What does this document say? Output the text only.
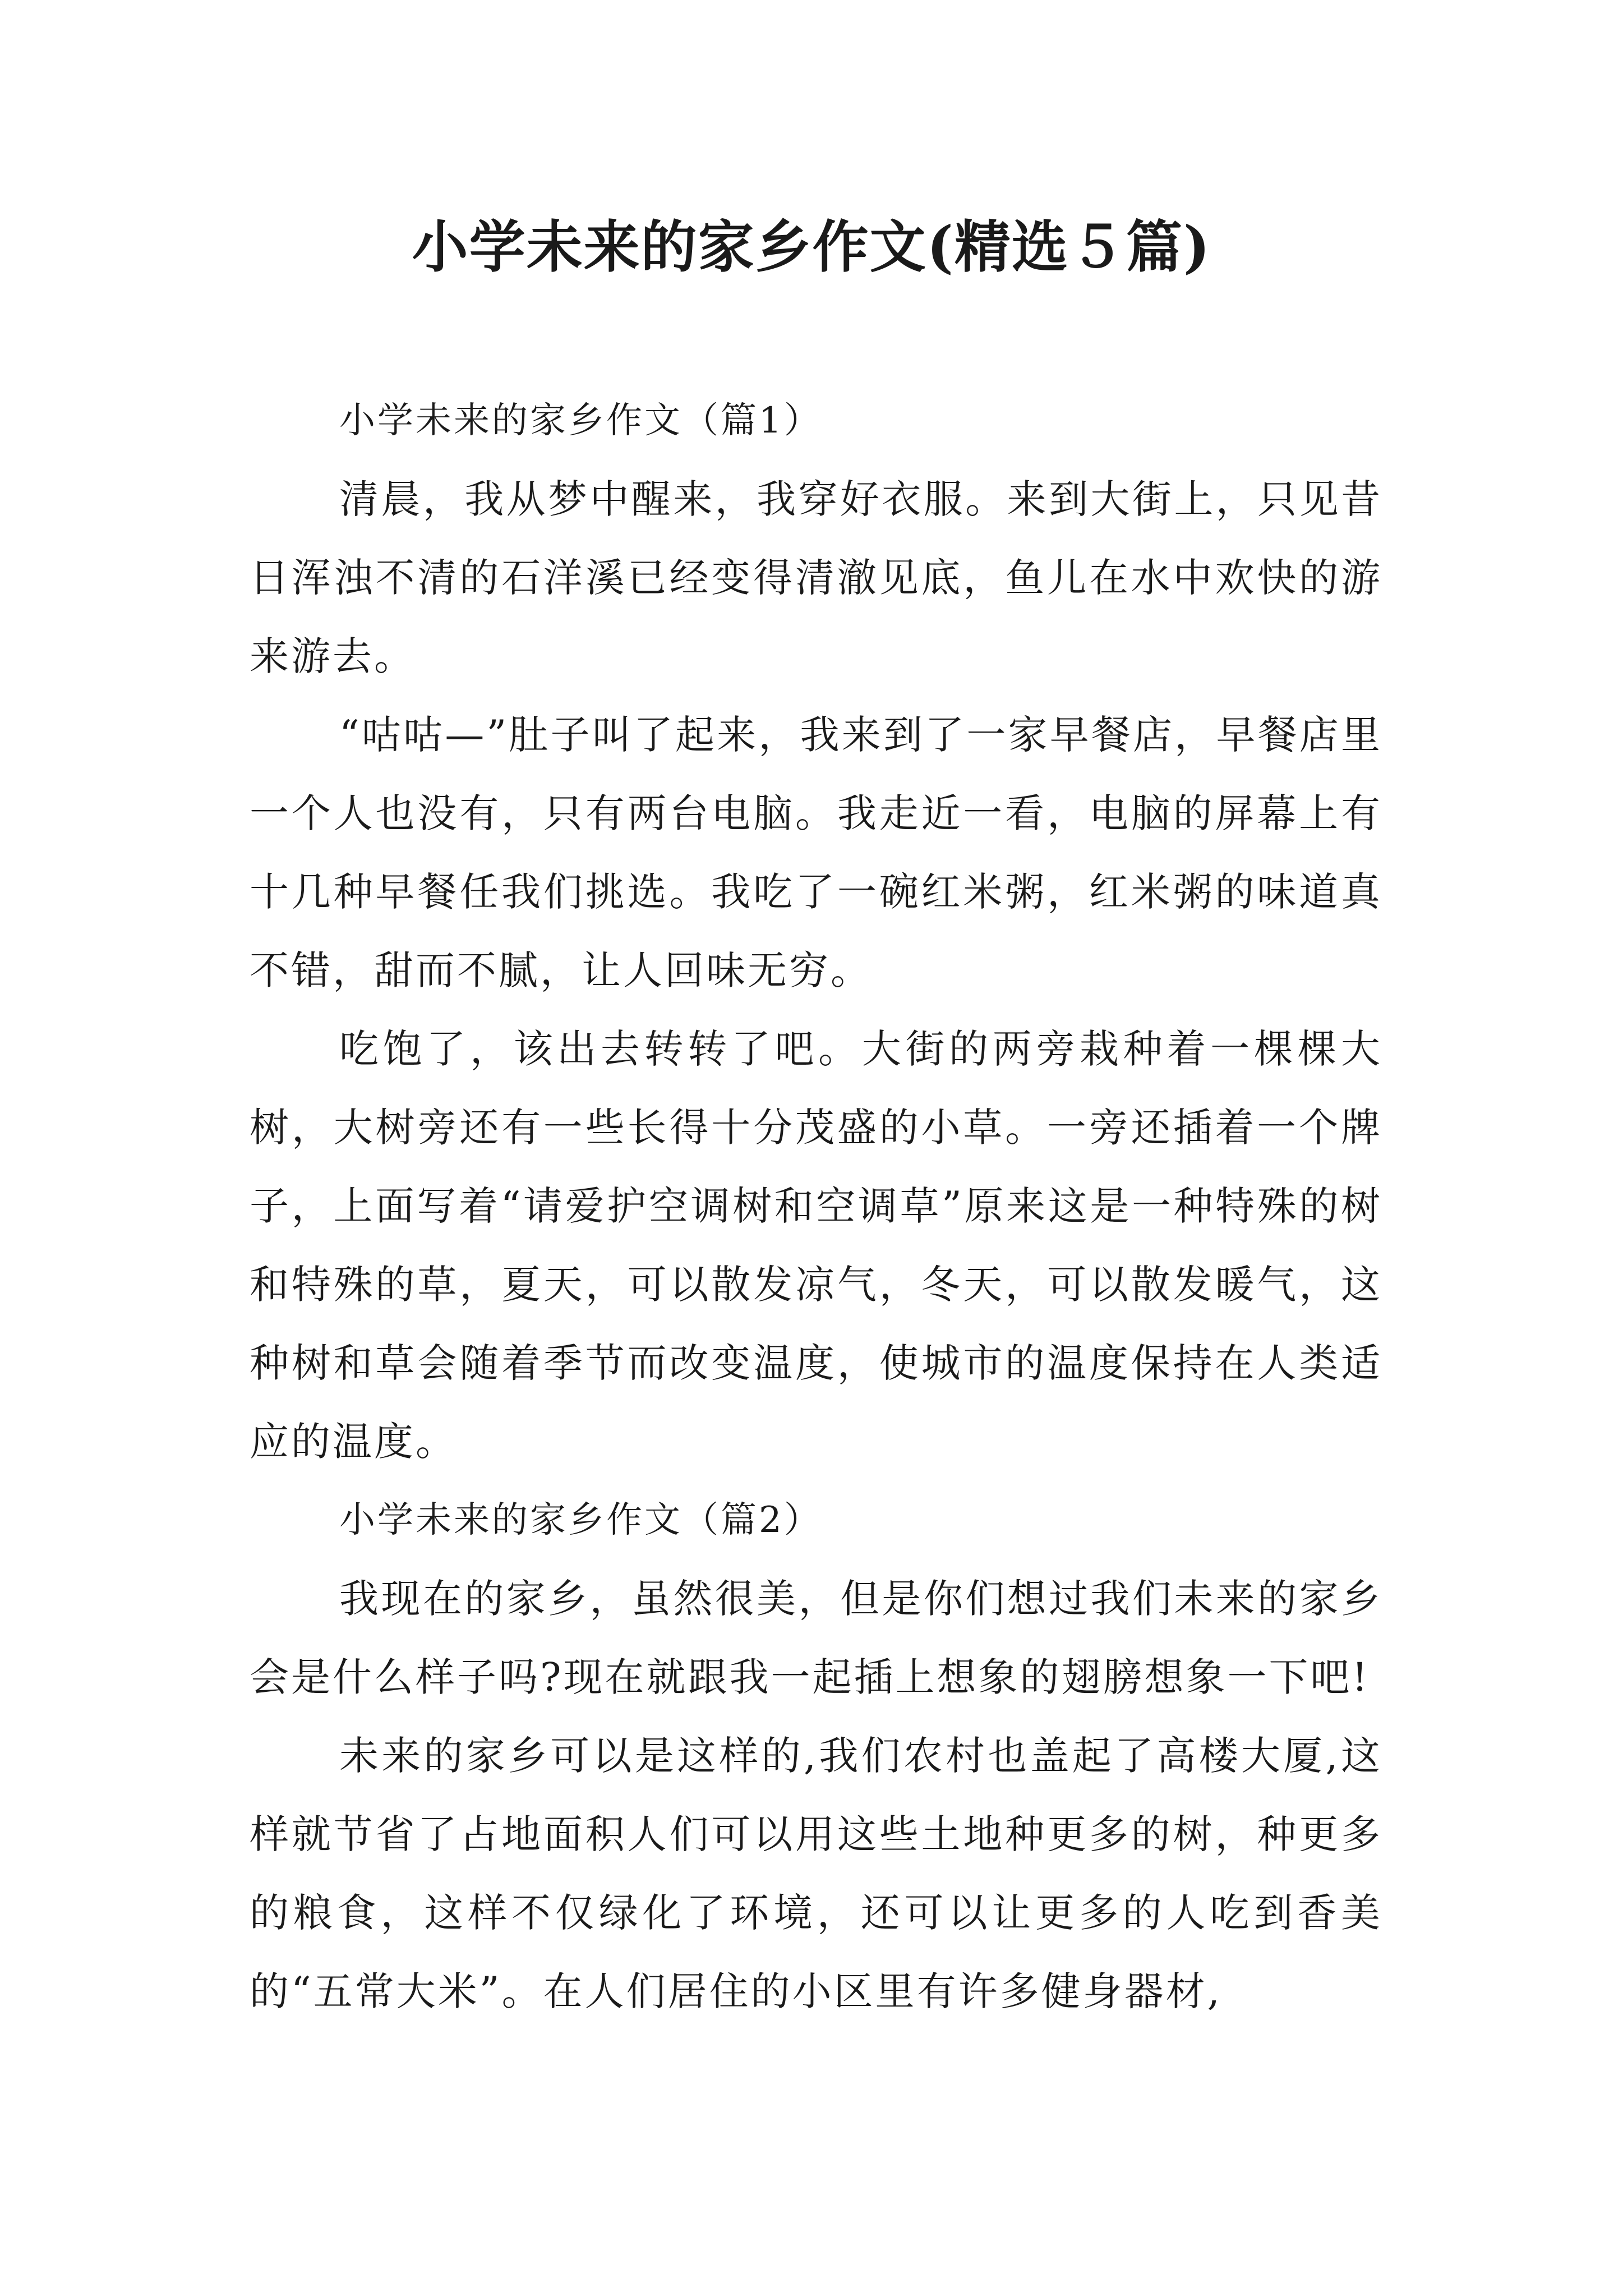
小学未来的家乡作文(精选５篇)

小学未来的家乡作文（篇1）

清晨，我从梦中醒来，我穿好衣服。来到大街上，只见昔日浑浊不清的石洋溪已经变得清澈见底，鱼儿在水中欢快的游来游去。

“咕咕—”肚子叫了起来，我来到了一家早餐店，早餐店里一个人也没有，只有两台电脑。我走近一看，电脑的屏幕上有十几种早餐任我们挑选。我吃了一碗红米粥，红米粥的味道真不错，甜而不腻，让人回味无穷。

吃饱了，该出去转转了吧。大街的两旁栽种着一棵棵大树，大树旁还有一些长得十分茂盛的小草。一旁还插着一个牌子，上面写着“请爱护空调树和空调草”原来这是一种特殊的树和特殊的草，夏天，可以散发凉气，冬天，可以散发暖气，这种树和草会随着季节而改变温度，使城市的温度保持在人类适应的温度。

小学未来的家乡作文（篇2）

我现在的家乡，虽然很美，但是你们想过我们未来的家乡会是什么样子吗?现在就跟我一起插上想象的翅膀想象一下吧!

未来的家乡可以是这样的,我们农村也盖起了高楼大厦,这样就节省了占地面积人们可以用这些土地种更多的树，种更多的粮食，这样不仅绿化了环境，还可以让更多的人吃到香美的“五常大米”。在人们居住的小区里有许多健身器材,
